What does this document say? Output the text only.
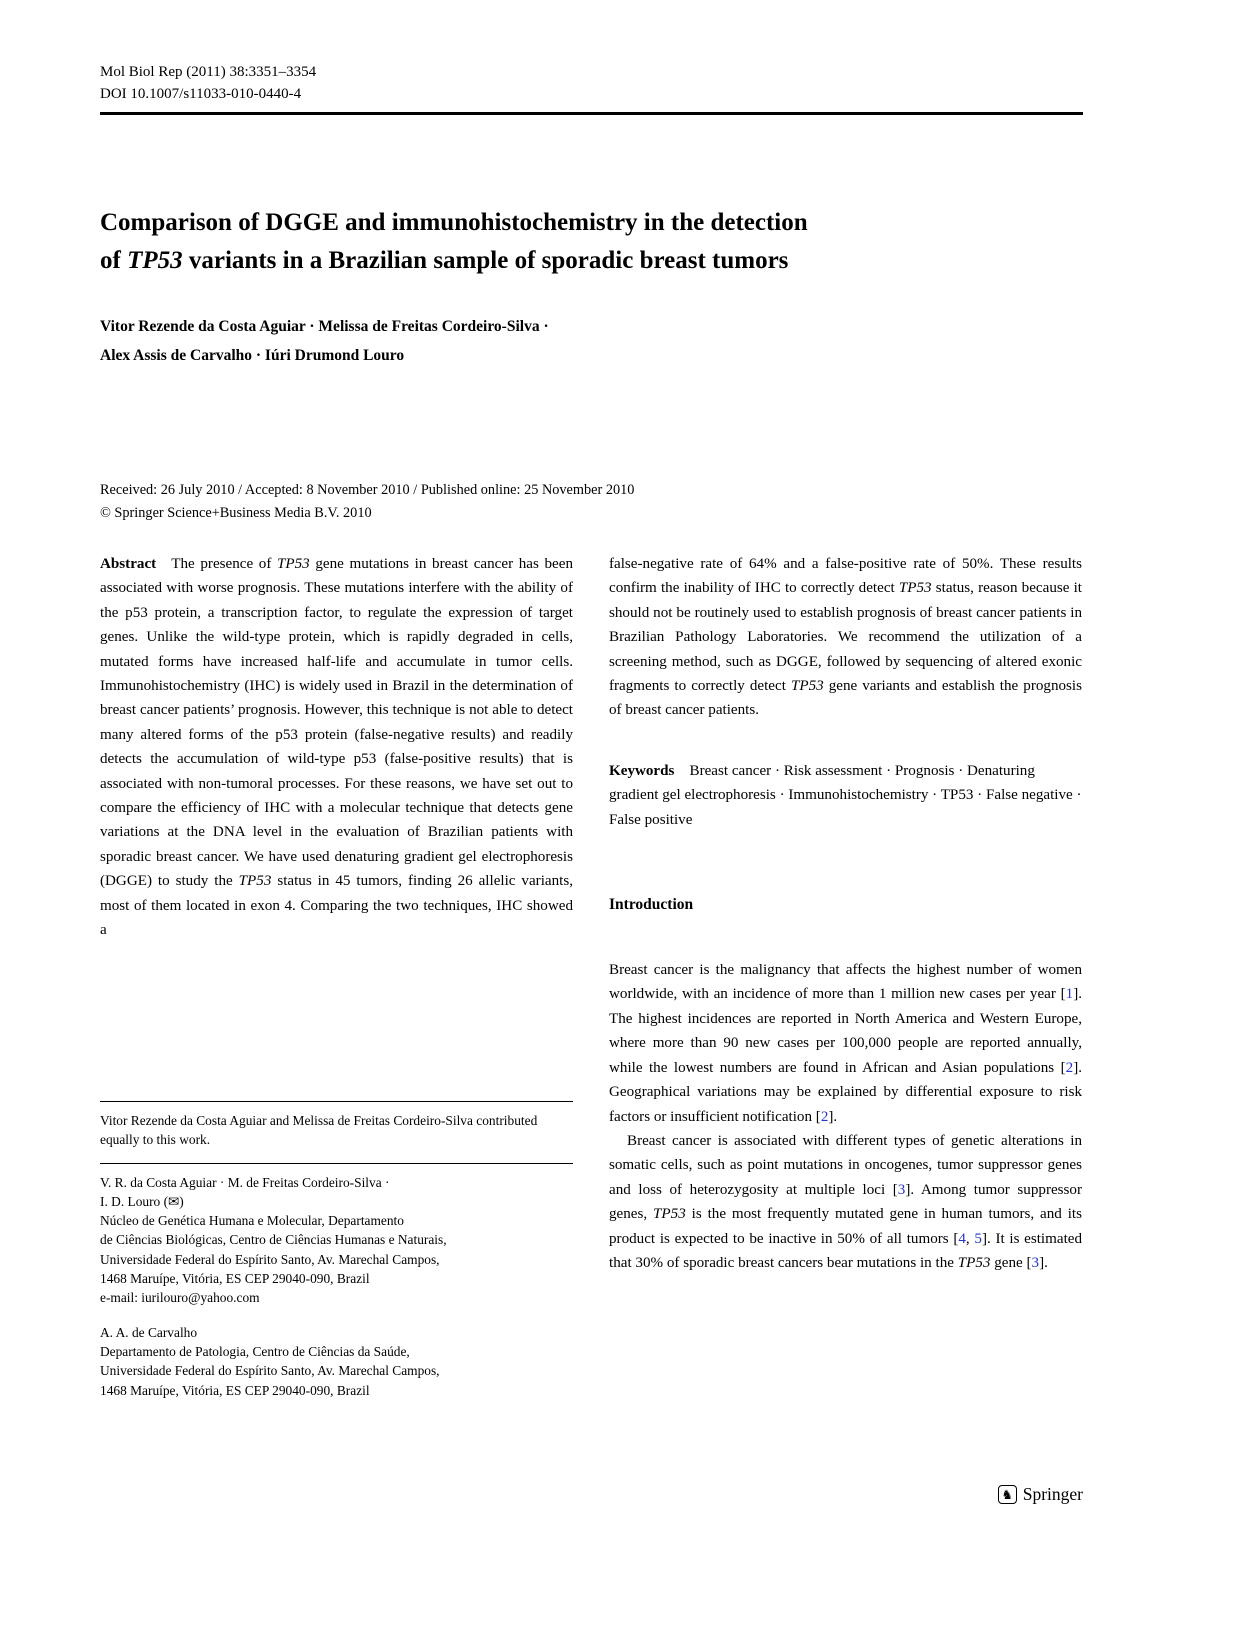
Mol Biol Rep (2011) 38:3351–3354
DOI 10.1007/s11033-010-0440-4
Comparison of DGGE and immunohistochemistry in the detection
of TP53 variants in a Brazilian sample of sporadic breast tumors
Vitor Rezende da Costa Aguiar · Melissa de Freitas Cordeiro-Silva ·
Alex Assis de Carvalho · Iúri Drumond Louro
Received: 26 July 2010 / Accepted: 8 November 2010 / Published online: 25 November 2010
© Springer Science+Business Media B.V. 2010

Abstract The presence of TP53 gene mutations in breast cancer has been associated with worse prognosis. These mutations interfere with the ability of the p53 protein, a transcription factor, to regulate the expression of target genes. Unlike the wild-type protein, which is rapidly degraded in cells, mutated forms have increased half-life and accumulate in tumor cells. Immunohistochemistry (IHC) is widely used in Brazil in the determination of breast cancer patients’ prognosis. However, this technique is not able to detect many altered forms of the p53 protein (false-negative results) and readily detects the accumulation of wild-type p53 (false-positive results) that is associated with non-tumoral processes. For these reasons, we have set out to compare the efficiency of IHC with a molecular technique that detects gene variations at the DNA level in the evaluation of Brazilian patients with sporadic breast cancer. We have used denaturing gradient gel electrophoresis (DGGE) to study the TP53 status in 45 tumors, finding 26 allelic variants, most of them located in exon 4. Comparing the two techniques, IHC showed a

false-negative rate of 64% and a false-positive rate of 50%. These results confirm the inability of IHC to correctly detect TP53 status, reason because it should not be routinely used to establish prognosis of breast cancer patients in Brazilian Pathology Laboratories. We recommend the utilization of a screening method, such as DGGE, followed by sequencing of altered exonic fragments to correctly detect TP53 gene variants and establish the prognosis of breast cancer patients.

Keywords Breast cancer · Risk assessment · Prognosis · Denaturing gradient gel electrophoresis · Immunohistochemistry · TP53 · False negative · False positive

Introduction

Breast cancer is the malignancy that affects the highest number of women worldwide, with an incidence of more than 1 million new cases per year [1]. The highest incidences are reported in North America and Western Europe, where more than 90 new cases per 100,000 people are reported annually, while the lowest numbers are found in African and Asian populations [2]. Geographical variations may be explained by differential exposure to risk factors or insufficient notification [2].

Breast cancer is associated with different types of genetic alterations in somatic cells, such as point mutations in oncogenes, tumor suppressor genes and loss of heterozygosity at multiple loci [3]. Among tumor suppressor genes, TP53 is the most frequently mutated gene in human tumors, and its product is expected to be inactive in 50% of all tumors [4, 5]. It is estimated that 30% of sporadic breast cancers bear mutations in the TP53 gene [3].

Vitor Rezende da Costa Aguiar and Melissa de Freitas Cordeiro-Silva contributed equally to this work.

V. R. da Costa Aguiar · M. de Freitas Cordeiro-Silva ·
I. D. Louro (✉)
Núcleo de Genética Humana e Molecular, Departamento
de Ciências Biológicas, Centro de Ciências Humanas e Naturais,
Universidade Federal do Espírito Santo, Av. Marechal Campos,
1468 Maruípe, Vitória, ES CEP 29040-090, Brazil
e-mail: iurilouro@yahoo.com

A. A. de Carvalho
Departamento de Patologia, Centro de Ciências da Saúde,
Universidade Federal do Espírito Santo, Av. Marechal Campos,
1468 Maruípe, Vitória, ES CEP 29040-090, Brazil

♞ Springer
